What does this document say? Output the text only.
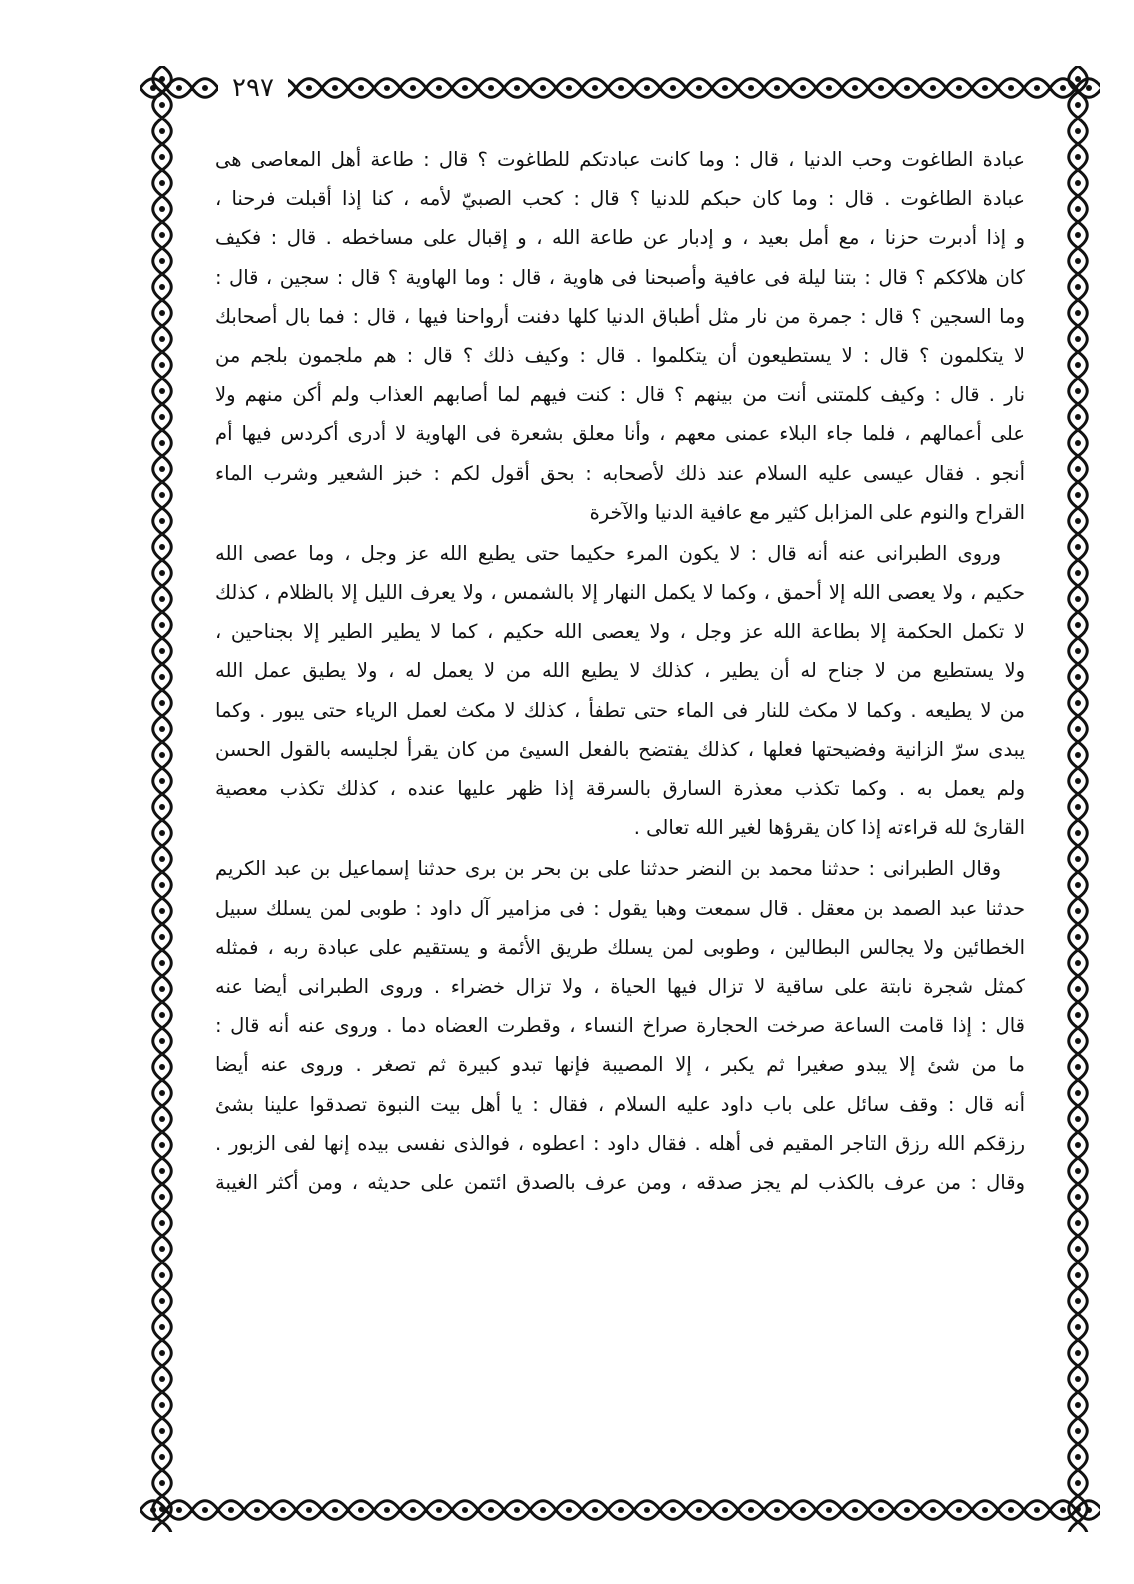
٢٩٧
عبادة الطاغوت وحب الدنيا ، قال : وما كانت عبادتكم للطاغوت ؟ قال : طاعة أهل المعاصى هى
عبادة الطاغوت . قال : وما كان حبكم للدنيا ؟ قال : كحب الصبيّ لأمه ، كنا إذا أقبلت فرحنا ،
و إذا أدبرت حزنا ، مع أمل بعيد ، و إدبار عن طاعة الله ، و إقبال على مساخطه . قال : فكيف
كان هلاككم ؟ قال : بتنا ليلة فى عافية وأصبحنا فى هاوية ، قال : وما الهاوية ؟ قال : سجين ، قال :
وما السجين ؟ قال : جمرة من نار مثل أطباق الدنيا كلها دفنت أرواحنا فيها ، قال : فما بال أصحابك
لا يتكلمون ؟ قال : لا يستطيعون أن يتكلموا . قال : وكيف ذلك ؟ قال : هم ملجمون بلجم من
نار . قال : وكيف كلمتنى أنت من بينهم ؟ قال : كنت فيهم لما أصابهم العذاب ولم أكن منهم ولا
على أعمالهم ، فلما جاء البلاء عمنى معهم ، وأنا معلق بشعرة فى الهاوية لا أدرى أكردس فيها أم
أنجو . فقال عيسى عليه السلام عند ذلك لأصحابه : بحق أقول لكم : خبز الشعير وشرب الماء
القراح والنوم على المزابل كثير مع عافية الدنيا والآخرة
وروى الطبرانى عنه أنه قال : لا يكون المرء حكيما حتى يطيع الله عز وجل ، وما عصى الله
حكيم ، ولا يعصى الله إلا أحمق ، وكما لا يكمل النهار إلا بالشمس ، ولا يعرف الليل إلا بالظلام ، كذلك
لا تكمل الحكمة إلا بطاعة الله عز وجل ، ولا يعصى الله حكيم ، كما لا يطير الطير إلا بجناحين ،
ولا يستطيع من لا جناح له أن يطير ، كذلك لا يطيع الله من لا يعمل له ، ولا يطيق عمل الله
من لا يطيعه . وكما لا مكث للنار فى الماء حتى تطفأ ، كذلك لا مكث لعمل الرياء حتى يبور . وكما
يبدى سرّ الزانية وفضيحتها فعلها ، كذلك يفتضح بالفعل السيئ من كان يقرأ لجليسه بالقول الحسن
ولم يعمل به . وكما تكذب معذرة السارق بالسرقة إذا ظهر عليها عنده ، كذلك تكذب معصية
القارئ لله قراءته إذا كان يقرؤها لغير الله تعالى .
وقال الطبرانى : حدثنا محمد بن النضر حدثنا على بن بحر بن برى حدثنا إسماعيل بن عبد الكريم
حدثنا عبد الصمد بن معقل . قال سمعت وهبا يقول : فى مزامير آل داود : طوبى لمن يسلك سبيل
الخطائين ولا يجالس البطالين ، وطوبى لمن يسلك طريق الأئمة و يستقيم على عبادة ربه ، فمثله
كمثل شجرة نابتة على ساقية لا تزال فيها الحياة ، ولا تزال خضراء . وروى الطبرانى أيضا عنه
قال : إذا قامت الساعة صرخت الحجارة صراخ النساء ، وقطرت العضاه دما . وروى عنه أنه قال :
ما من شئ إلا يبدو صغيرا ثم يكبر ، إلا المصيبة فإنها تبدو كبيرة ثم تصغر . وروى عنه أيضا
أنه قال : وقف سائل على باب داود عليه السلام ، فقال : يا أهل بيت النبوة تصدقوا علينا بشئ
رزقكم الله رزق التاجر المقيم فى أهله . فقال داود : اعطوه ، فوالذى نفسى بيده إنها لفى الزبور .
وقال : من عرف بالكذب لم يجز صدقه ، ومن عرف بالصدق ائتمن على حديثه ، ومن أكثر الغيبة
